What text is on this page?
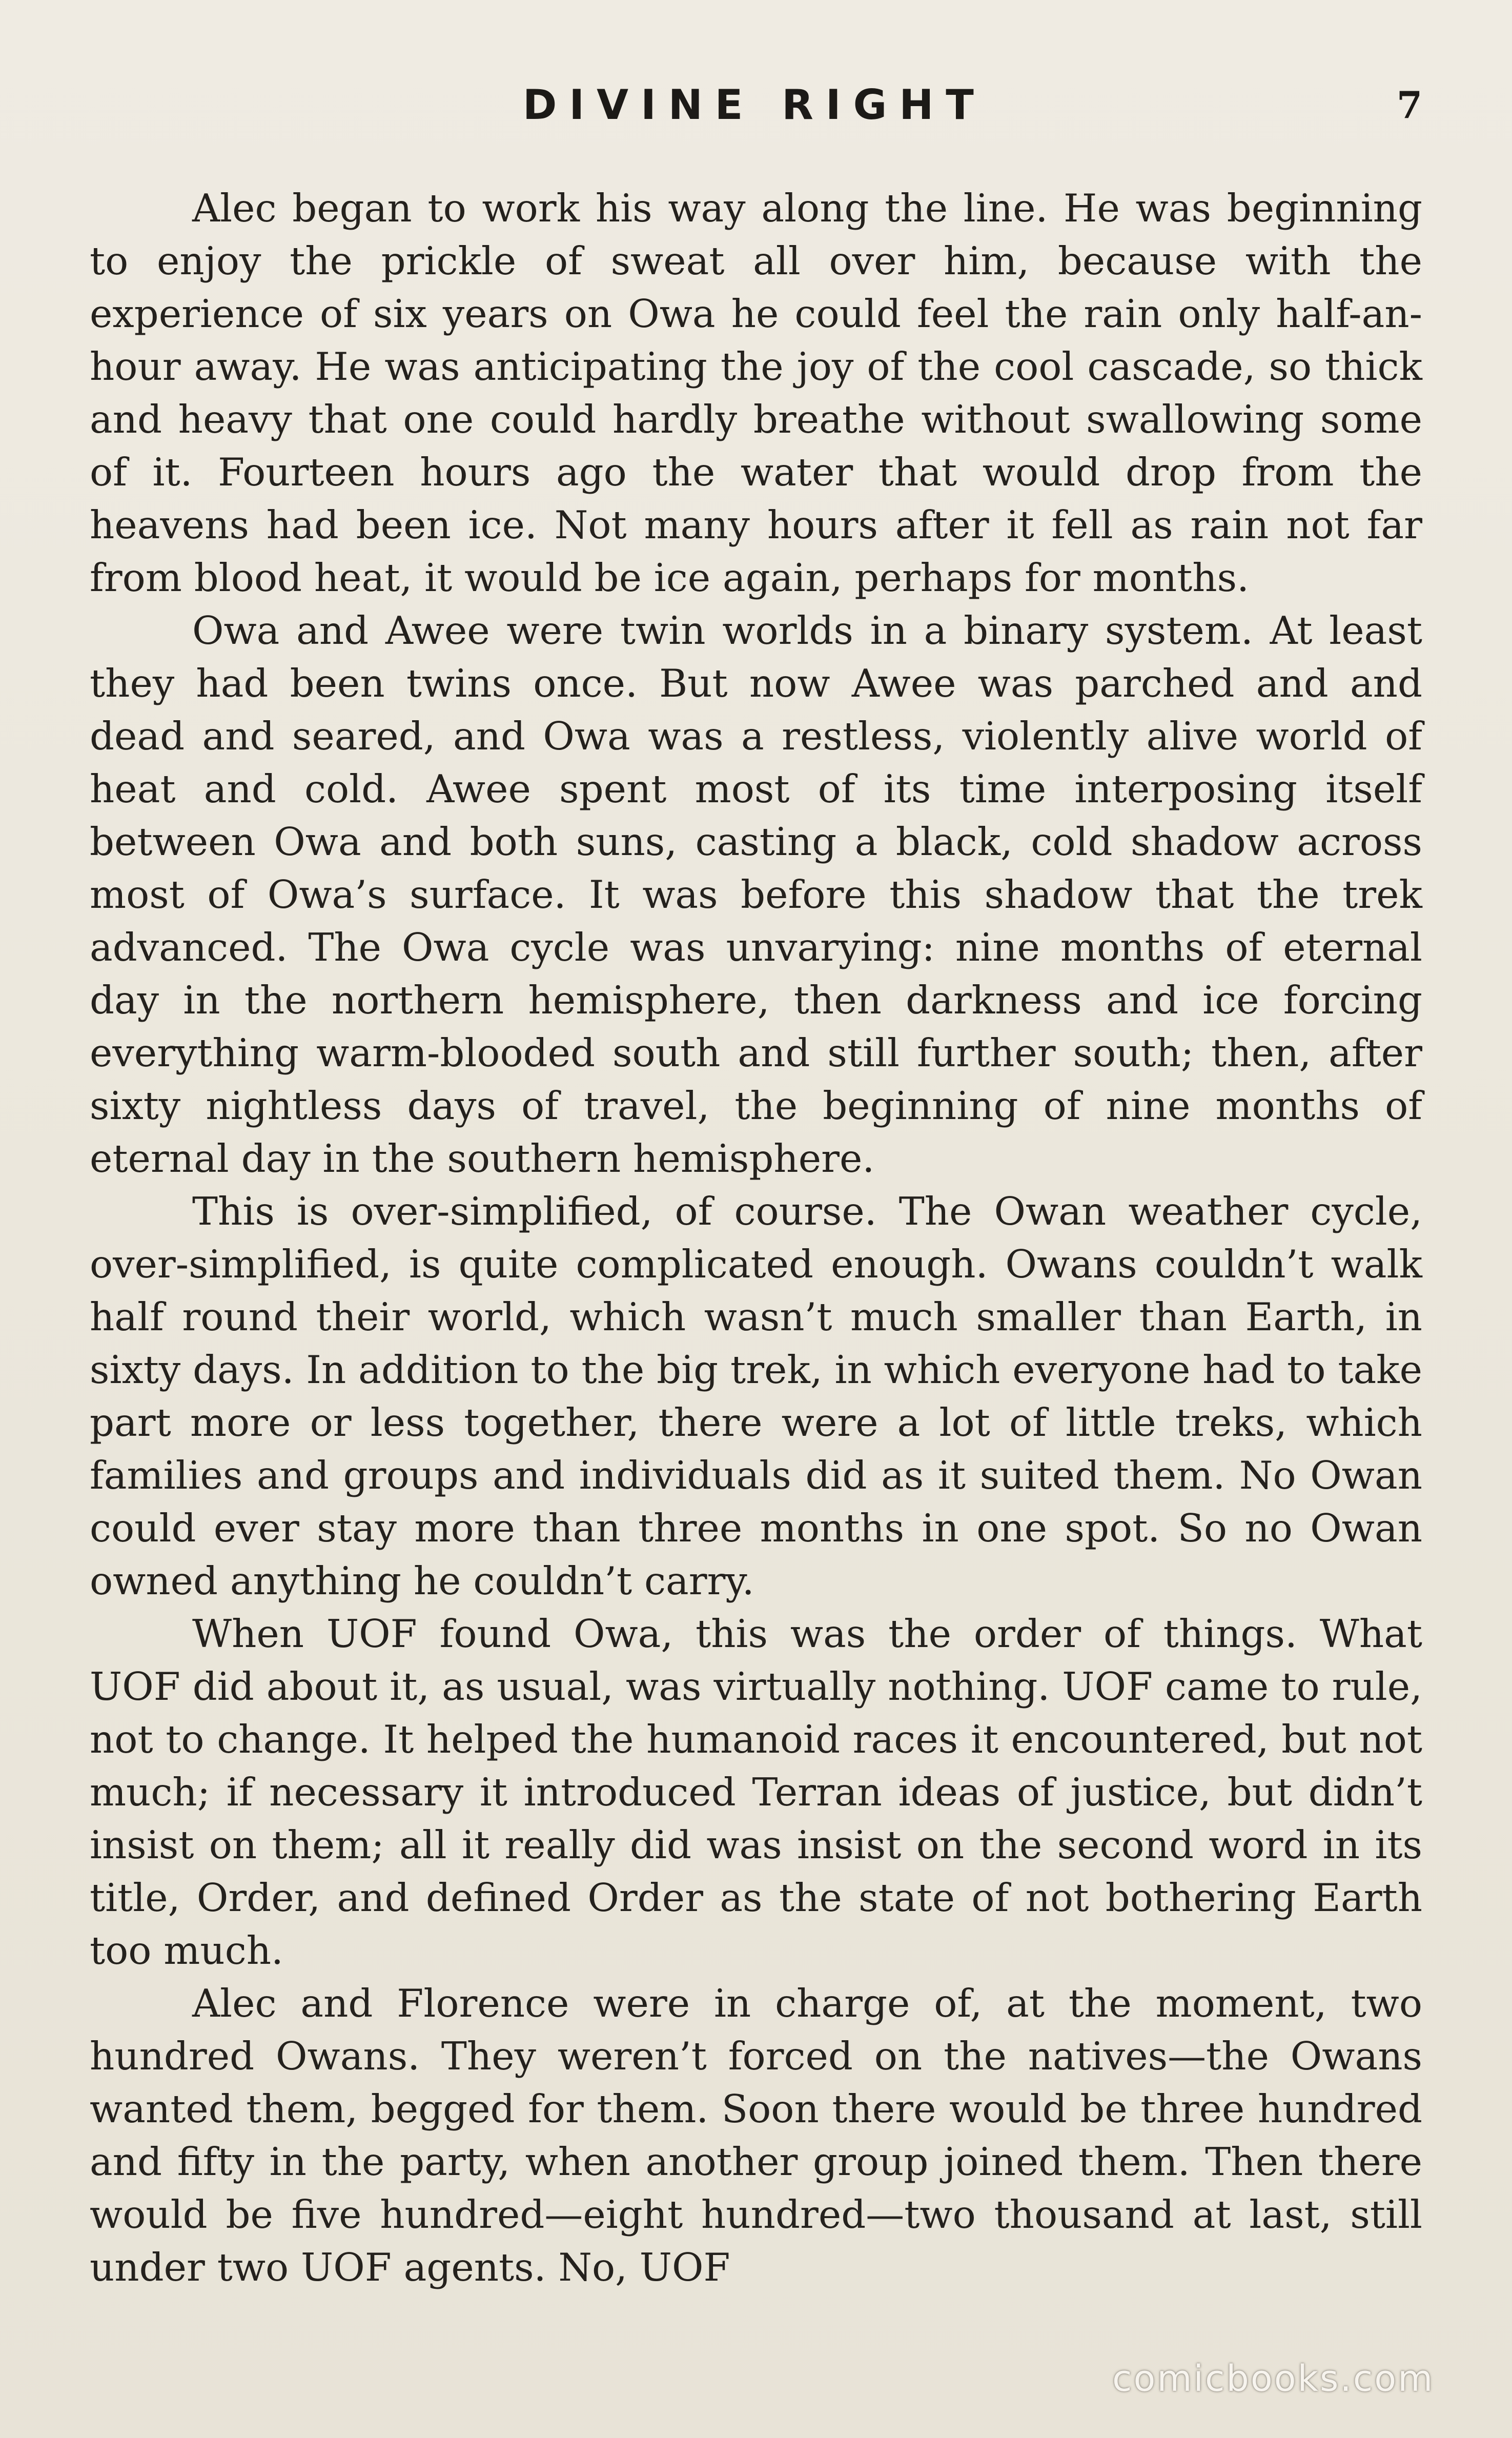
DIVINE RIGHT	7

Alec began to work his way along the line. He was beginning to enjoy the prickle of sweat all over him, because with the experience of six years on Owa he could feel the rain only half-an-hour away. He was anticipating the joy of the cool cascade, so thick and heavy that one could hardly breathe without swallowing some of it. Fourteen hours ago the water that would drop from the heavens had been ice. Not many hours after it fell as rain not far from blood heat, it would be ice again, perhaps for months.

Owa and Awee were twin worlds in a binary system. At least they had been twins once. But now Awee was parched and and dead and seared, and Owa was a restless, violently alive world of heat and cold. Awee spent most of its time interposing itself between Owa and both suns, casting a black, cold shadow across most of Owa’s surface. It was before this shadow that the trek advanced. The Owa cycle was unvarying: nine months of eternal day in the northern hemisphere, then darkness and ice forcing everything warm-blooded south and still further south; then, after sixty nightless days of travel, the beginning of nine months of eternal day in the southern hemisphere.

This is over-simplified, of course. The Owan weather cycle, over-simplified, is quite complicated enough. Owans couldn’t walk half round their world, which wasn’t much smaller than Earth, in sixty days. In addition to the big trek, in which everyone had to take part more or less together, there were a lot of little treks, which families and groups and individuals did as it suited them. No Owan could ever stay more than three months in one spot. So no Owan owned anything he couldn’t carry.

When UOF found Owa, this was the order of things. What UOF did about it, as usual, was virtually nothing. UOF came to rule, not to change. It helped the humanoid races it encountered, but not much; if necessary it introduced Terran ideas of justice, but didn’t insist on them; all it really did was insist on the second word in its title, Order, and defined Order as the state of not bothering Earth too much.

Alec and Florence were in charge of, at the moment, two hundred Owans. They weren’t forced on the natives—the Owans wanted them, begged for them. Soon there would be three hundred and fifty in the party, when another group joined them. Then there would be five hundred—eight hundred—two thousand at last, still under two UOF agents. No, UOF

comicbooks.com
